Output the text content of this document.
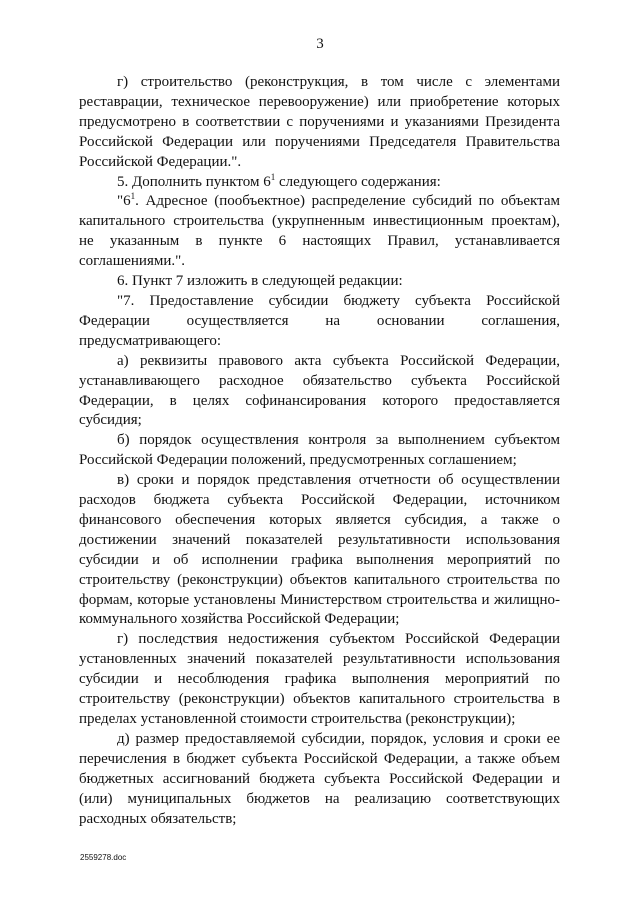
3

г) строительство (реконструкция, в том числе с элементами реставрации, техническое перевооружение) или приобретение которых предусмотрено в соответствии с поручениями и указаниями Президента Российской Федерации или поручениями Председателя Правительства Российской Федерации.".

5. Дополнить пунктом $6^1$ следующего содержания:

"$6^1$. Адресное (пообъектное) распределение субсидий по объектам капитального строительства (укрупненным инвестиционным проектам), не указанным в пункте 6 настоящих Правил, устанавливается соглашениями.".

6. Пункт 7 изложить в следующей редакции:

"7. Предоставление субсидии бюджету субъекта Российской Федерации осуществляется на основании соглашения, предусматривающего:

а) реквизиты правового акта субъекта Российской Федерации, устанавливающего расходное обязательство субъекта Российской Федерации, в целях софинансирования которого предоставляется субсидия;

б) порядок осуществления контроля за выполнением субъектом Российской Федерации положений, предусмотренных соглашением;

в) сроки и порядок представления отчетности об осуществлении расходов бюджета субъекта Российской Федерации, источником финансового обеспечения которых является субсидия, а также о достижении значений показателей результативности использования субсидии и об исполнении графика выполнения мероприятий по строительству (реконструкции) объектов капитального строительства по формам, которые установлены Министерством строительства и жилищно-коммунального хозяйства Российской Федерации;

г) последствия недостижения субъектом Российской Федерации установленных значений показателей результативности использования субсидии и несоблюдения графика выполнения мероприятий по строительству (реконструкции) объектов капитального строительства в пределах установленной стоимости строительства (реконструкции);

д) размер предоставляемой субсидии, порядок, условия и сроки ее перечисления в бюджет субъекта Российской Федерации, а также объем бюджетных ассигнований бюджета субъекта Российской Федерации и (или) муниципальных бюджетов на реализацию соответствующих расходных обязательств;

2559278.doc
